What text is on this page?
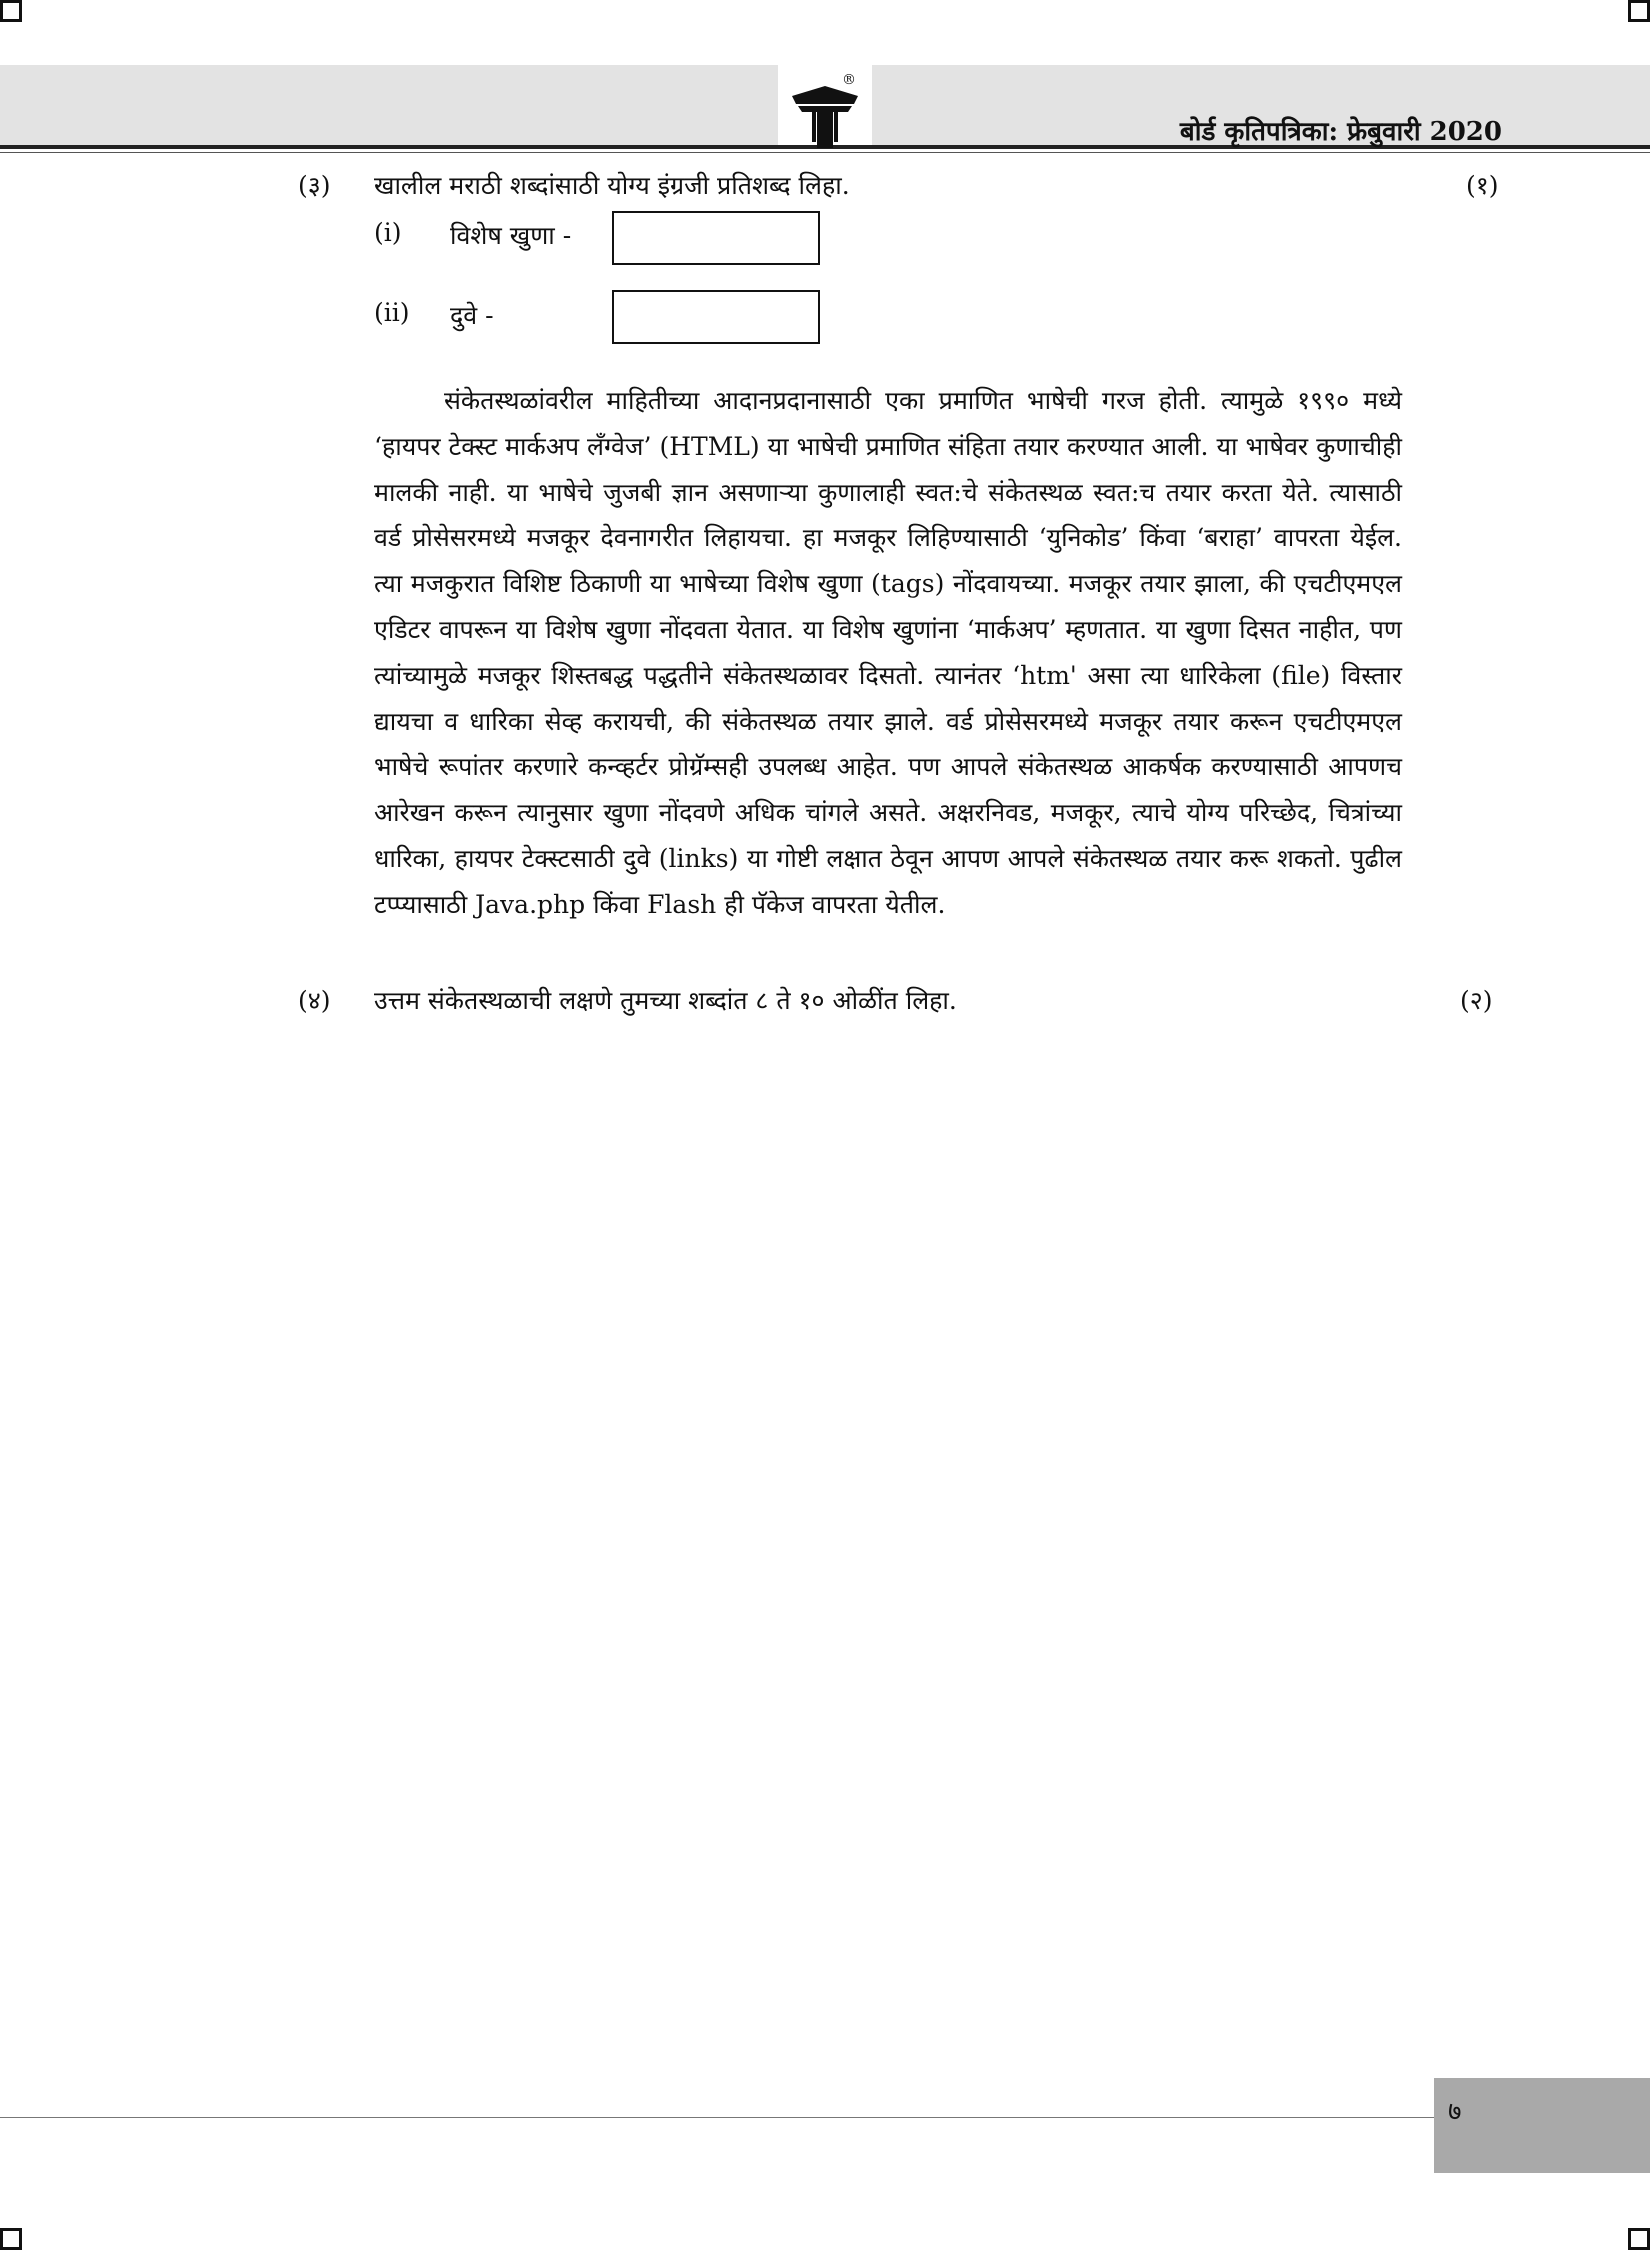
®
बोर्ड कृतिपत्रिका: फ्रेबुवारी 2020
(३) खालील मराठी शब्दांसाठी योग्य इंग्रजी प्रतिशब्द लिहा.	(१)
(i) विशेष खुणा -
(ii) दुवे -

संकेतस्थळांवरील माहितीच्या आदानप्रदानासाठी एका प्रमाणित भाषेची गरज होती. त्यामुळे १९९० मध्ये ‘हायपर टेक्स्ट मार्कअप लँग्वेज’ (HTML) या भाषेची प्रमाणित संहिता तयार करण्यात आली. या भाषेवर कुणाचीही मालकी नाही. या भाषेचे जुजबी ज्ञान असणाऱ्या कुणालाही स्वत:चे संकेतस्थळ स्वत:च तयार करता येते. त्यासाठी वर्ड प्रोसेसरमध्ये मजकूर देवनागरीत लिहायचा. हा मजकूर लिहिण्यासाठी ‘युनिकोड’ किंवा ‘बराहा’ वापरता येईल. त्या मजकुरात विशिष्ट ठिकाणी या भाषेच्या विशेष खुणा (tags) नोंदवायच्या. मजकूर तयार झाला, की एचटीएमएल एडिटर वापरून या विशेष खुणा नोंदवता येतात. या विशेष खुणांना ‘मार्कअप’ म्हणतात. या खुणा दिसत नाहीत, पण त्यांच्यामुळे मजकूर शिस्तबद्ध पद्धतीने संकेतस्थळावर दिसतो. त्यानंतर ‘htm' असा त्या धारिकेला (file) विस्तार द्यायचा व धारिका सेव्ह करायची, की संकेतस्थळ तयार झाले. वर्ड प्रोसेसरमध्ये मजकूर तयार करून एचटीएमएल भाषेचे रूपांतर करणारे कन्व्हर्टर प्रोग्रॅम्सही उपलब्ध आहेत. पण आपले संकेतस्थळ आकर्षक करण्यासाठी आपणच आरेखन करून त्यानुसार खुणा नोंदवणे अधिक चांगले असते. अक्षरनिवड, मजकूर, त्याचे योग्य परिच्छेद, चित्रांच्या धारिका, हायपर टेक्स्टसाठी दुवे (links) या गोष्टी लक्षात ठेवून आपण आपले संकेतस्थळ तयार करू शकतो. पुढील टप्प्यासाठी Java.php किंवा Flash ही पॅकेज वापरता येतील.

(४) उत्तम संकेतस्थळाची लक्षणे तुमच्या शब्दांत ८ ते १० ओळींत लिहा.	(२)
७
